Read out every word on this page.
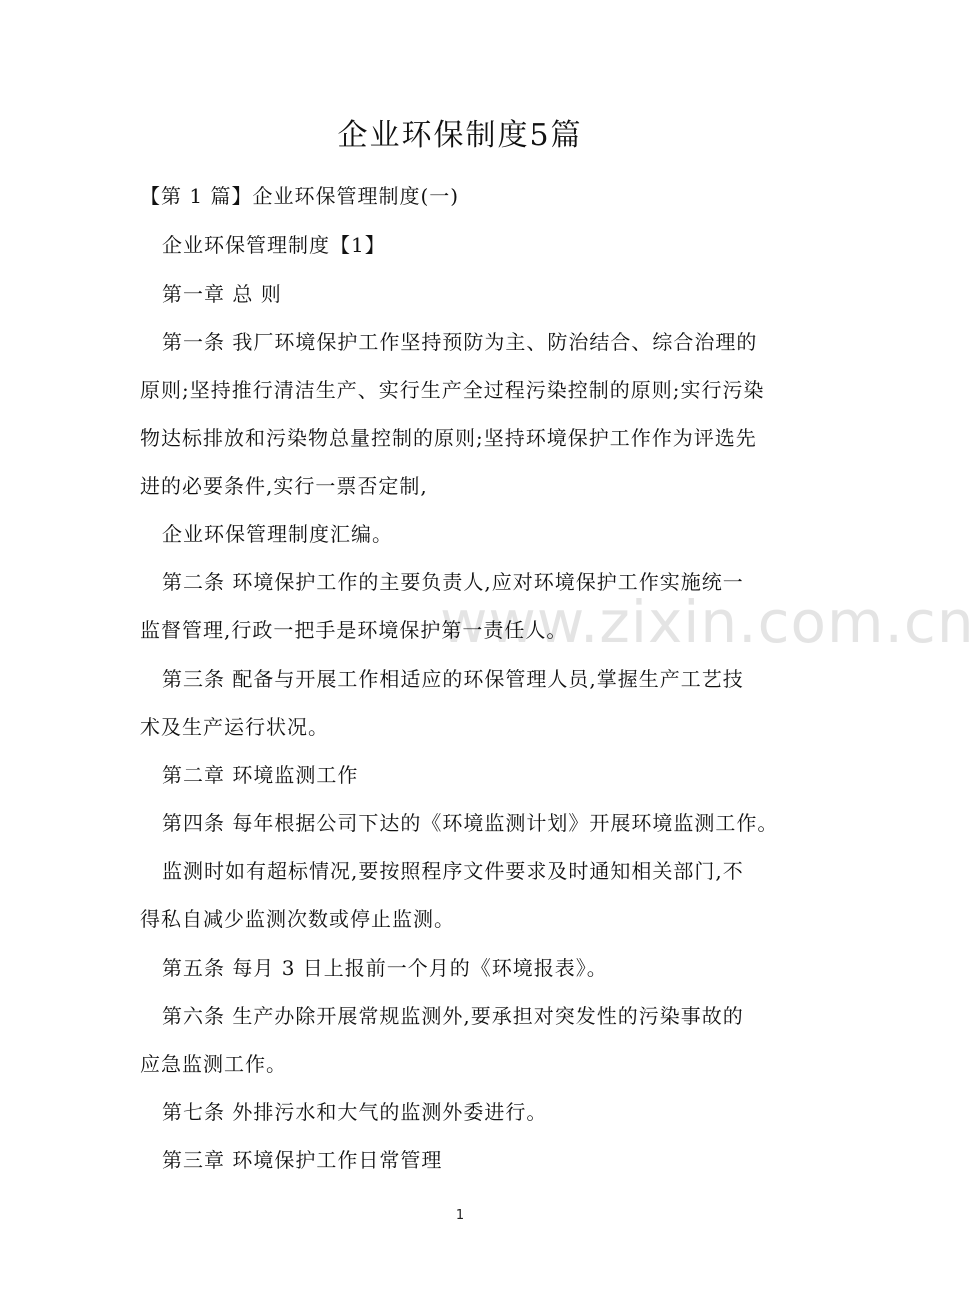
www.zixin.com.cn
企业环保制度5篇

【第 1 篇】企业环保管理制度(一)

企业环保管理制度【1】

第一章 总 则

第一条 我厂环境保护工作坚持预防为主、防治结合、综合治理的

原则;坚持推行清洁生产、实行生产全过程污染控制的原则;实行污染

物达标排放和污染物总量控制的原则;坚持环境保护工作作为评选先

进的必要条件,实行一票否定制,

企业环保管理制度汇编。

第二条 环境保护工作的主要负责人,应对环境保护工作实施统一

监督管理,行政一把手是环境保护第一责任人。

第三条 配备与开展工作相适应的环保管理人员,掌握生产工艺技

术及生产运行状况。

第二章 环境监测工作

第四条 每年根据公司下达的《环境监测计划》开展环境监测工作。

监测时如有超标情况,要按照程序文件要求及时通知相关部门,不

得私自减少监测次数或停止监测。

第五条 每月 3 日上报前一个月的《环境报表》。

第六条 生产办除开展常规监测外,要承担对突发性的污染事故的

应急监测工作。

第七条 外排污水和大气的监测外委进行。

第三章 环境保护工作日常管理

1
